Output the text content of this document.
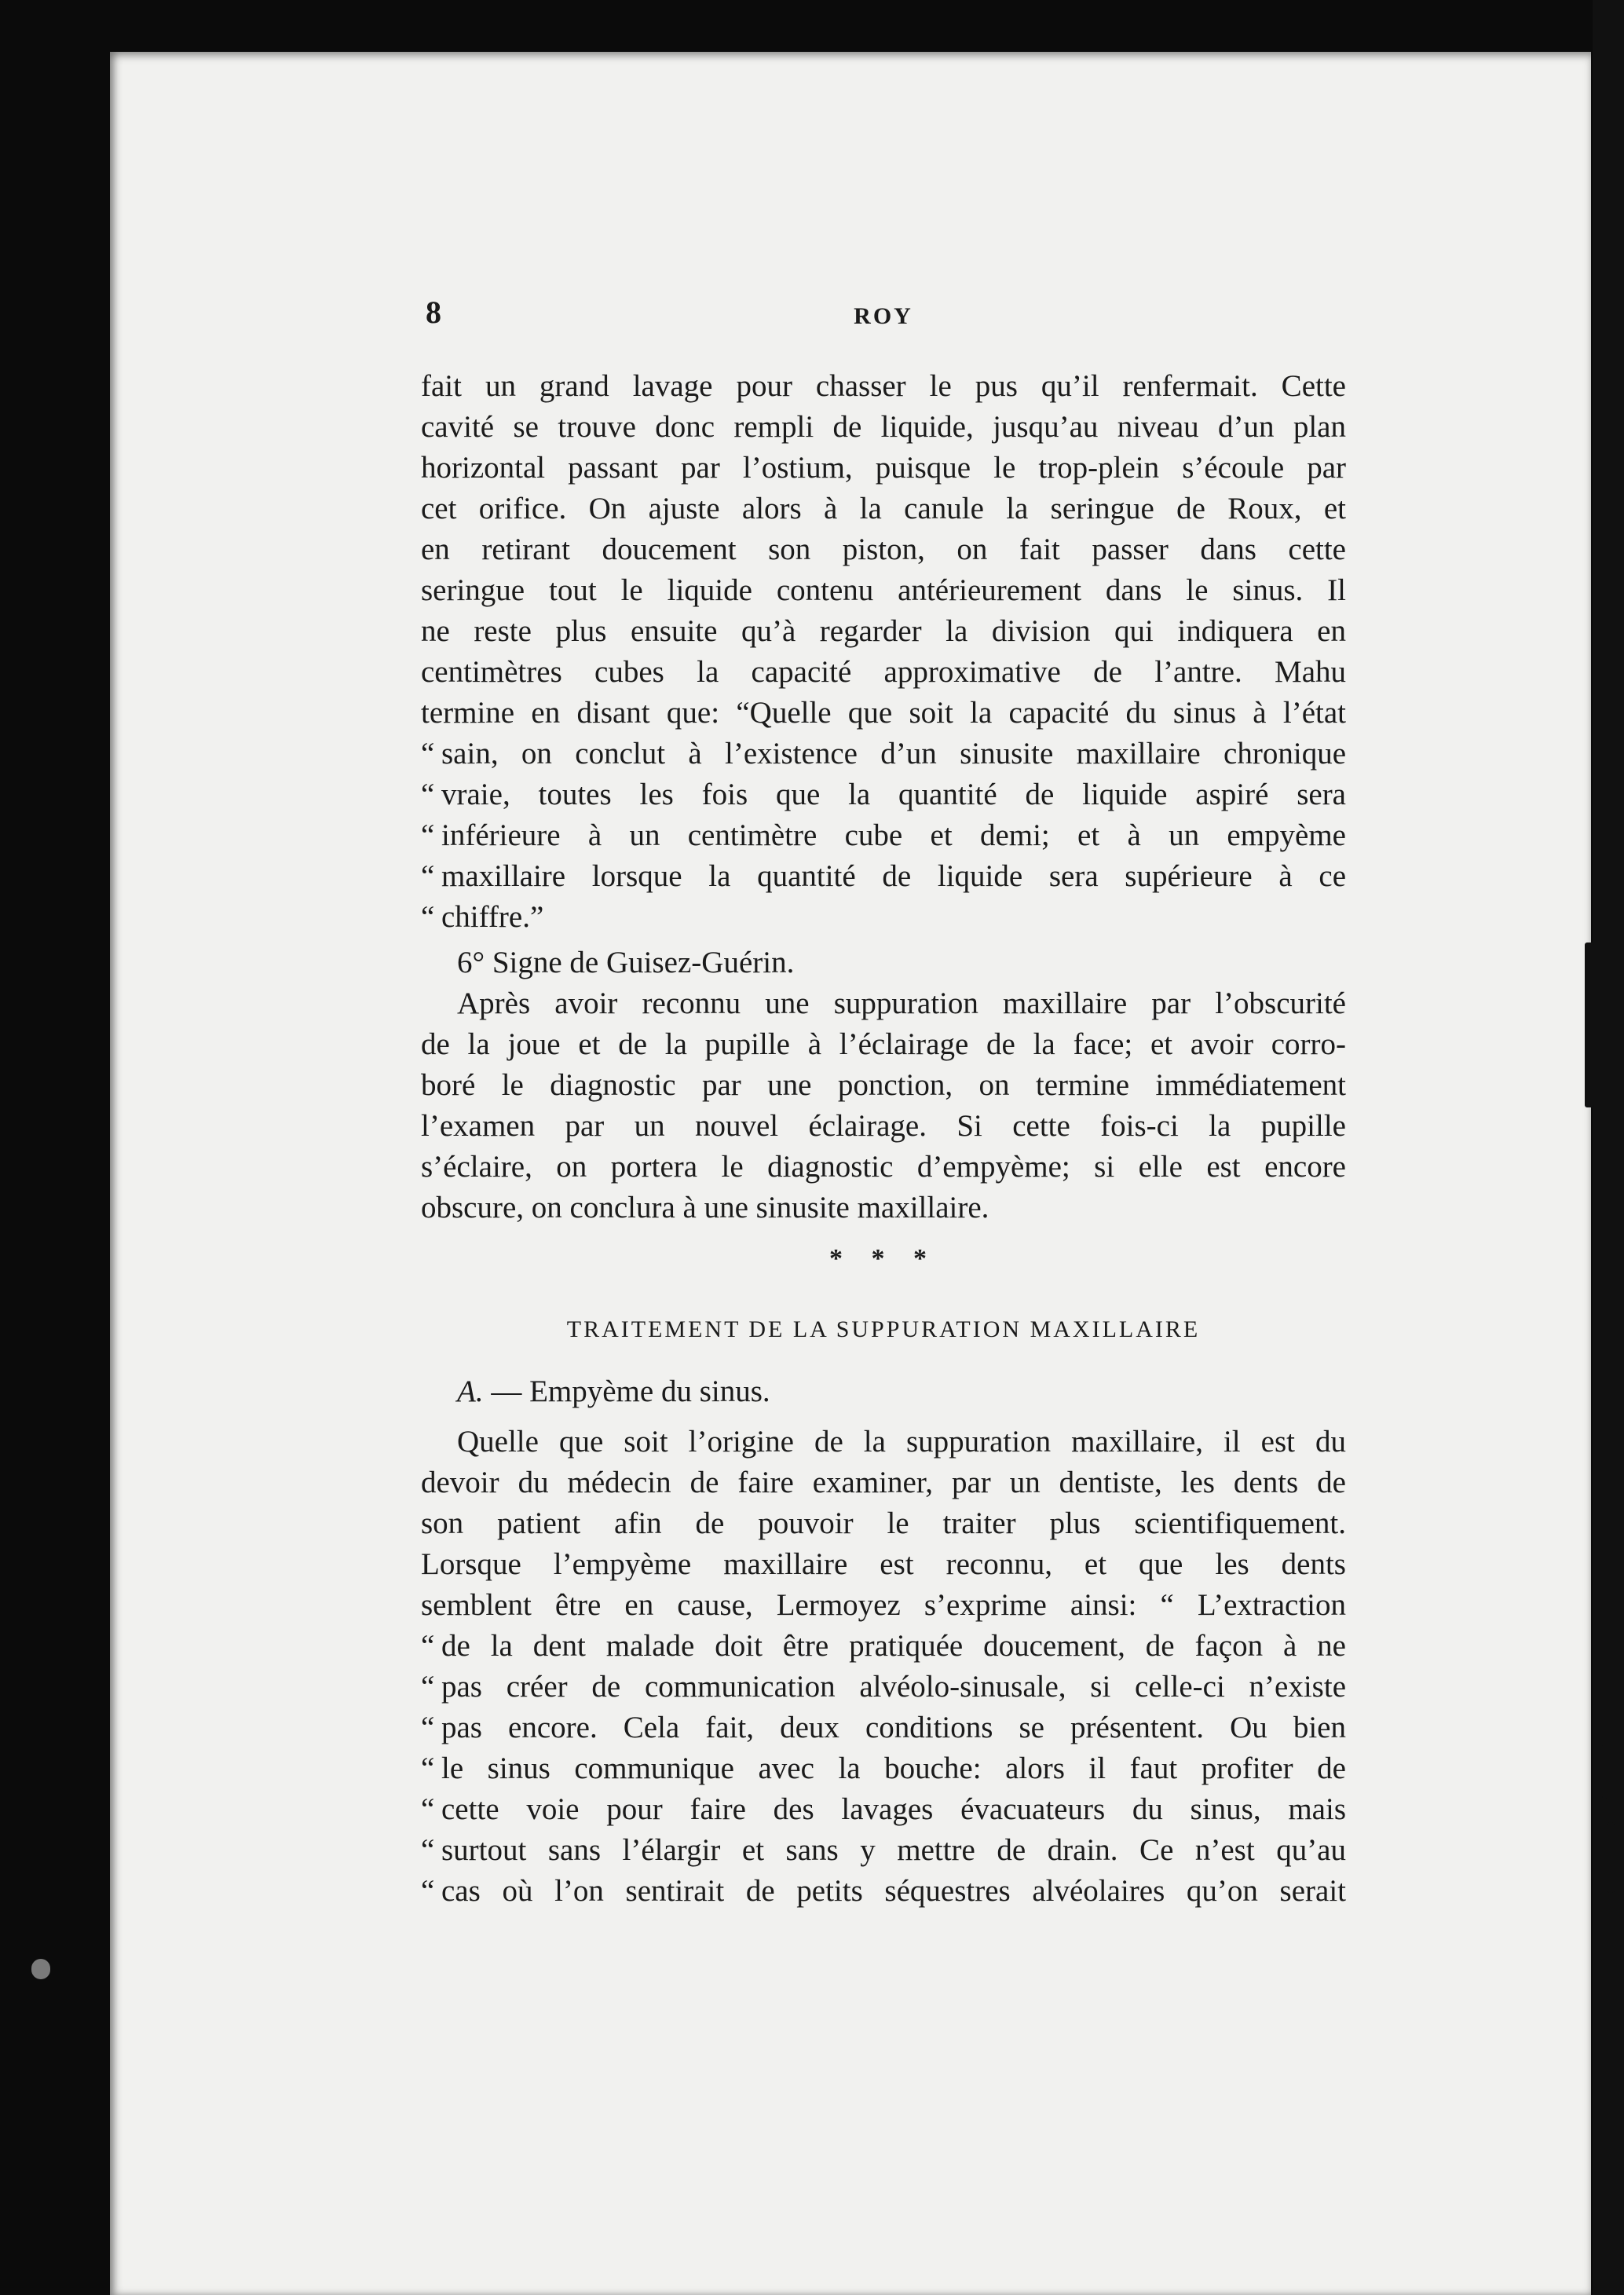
8	ROY
fait un grand lavage pour chasser le pus qu’il renfermait. Cette
cavité se trouve donc rempli de liquide, jusqu’au niveau d’un plan
horizontal passant par l’ostium, puisque le trop-plein s’écoule par
cet orifice. On ajuste alors à la canule la seringue de Roux, et
en retirant doucement son piston, on fait passer dans cette
seringue tout le liquide contenu antérieurement dans le sinus. Il
ne reste plus ensuite qu’à regarder la division qui indiquera en
centimètres cubes la capacité approximative de l’antre. Mahu
termine en disant que: “Quelle que soit la capacité du sinus à l’état
“ sain, on conclut à l’existence d’un sinusite maxillaire chronique
“ vraie, toutes les fois que la quantité de liquide aspiré sera
“ inférieure à un centimètre cube et demi; et à un empyème
“ maxillaire lorsque la quantité de liquide sera supérieure à ce
“ chiffre.”
6° Signe de Guisez-Guérin.
Après avoir reconnu une suppuration maxillaire par l’obscurité
de la joue et de la pupille à l’éclairage de la face; et avoir corro-
boré le diagnostic par une ponction, on termine immédiatement
l’examen par un nouvel éclairage. Si cette fois-ci la pupille
s’éclaire, on portera le diagnostic d’empyème; si elle est encore
obscure, on conclura à une sinusite maxillaire.
* * *
TRAITEMENT DE LA SUPPURATION MAXILLAIRE
A. — Empyème du sinus.
Quelle que soit l’origine de la suppuration maxillaire, il est du
devoir du médecin de faire examiner, par un dentiste, les dents de
son patient afin de pouvoir le traiter plus scientifiquement.
Lorsque l’empyème maxillaire est reconnu, et que les dents
semblent être en cause, Lermoyez s’exprime ainsi: “ L’extraction
“ de la dent malade doit être pratiquée doucement, de façon à ne
“ pas créer de communication alvéolo-sinusale, si celle-ci n’existe
“ pas encore. Cela fait, deux conditions se présentent. Ou bien
“ le sinus communique avec la bouche: alors il faut profiter de
“ cette voie pour faire des lavages évacuateurs du sinus, mais
“ surtout sans l’élargir et sans y mettre de drain. Ce n’est qu’au
“ cas où l’on sentirait de petits séquestres alvéolaires qu’on serait
